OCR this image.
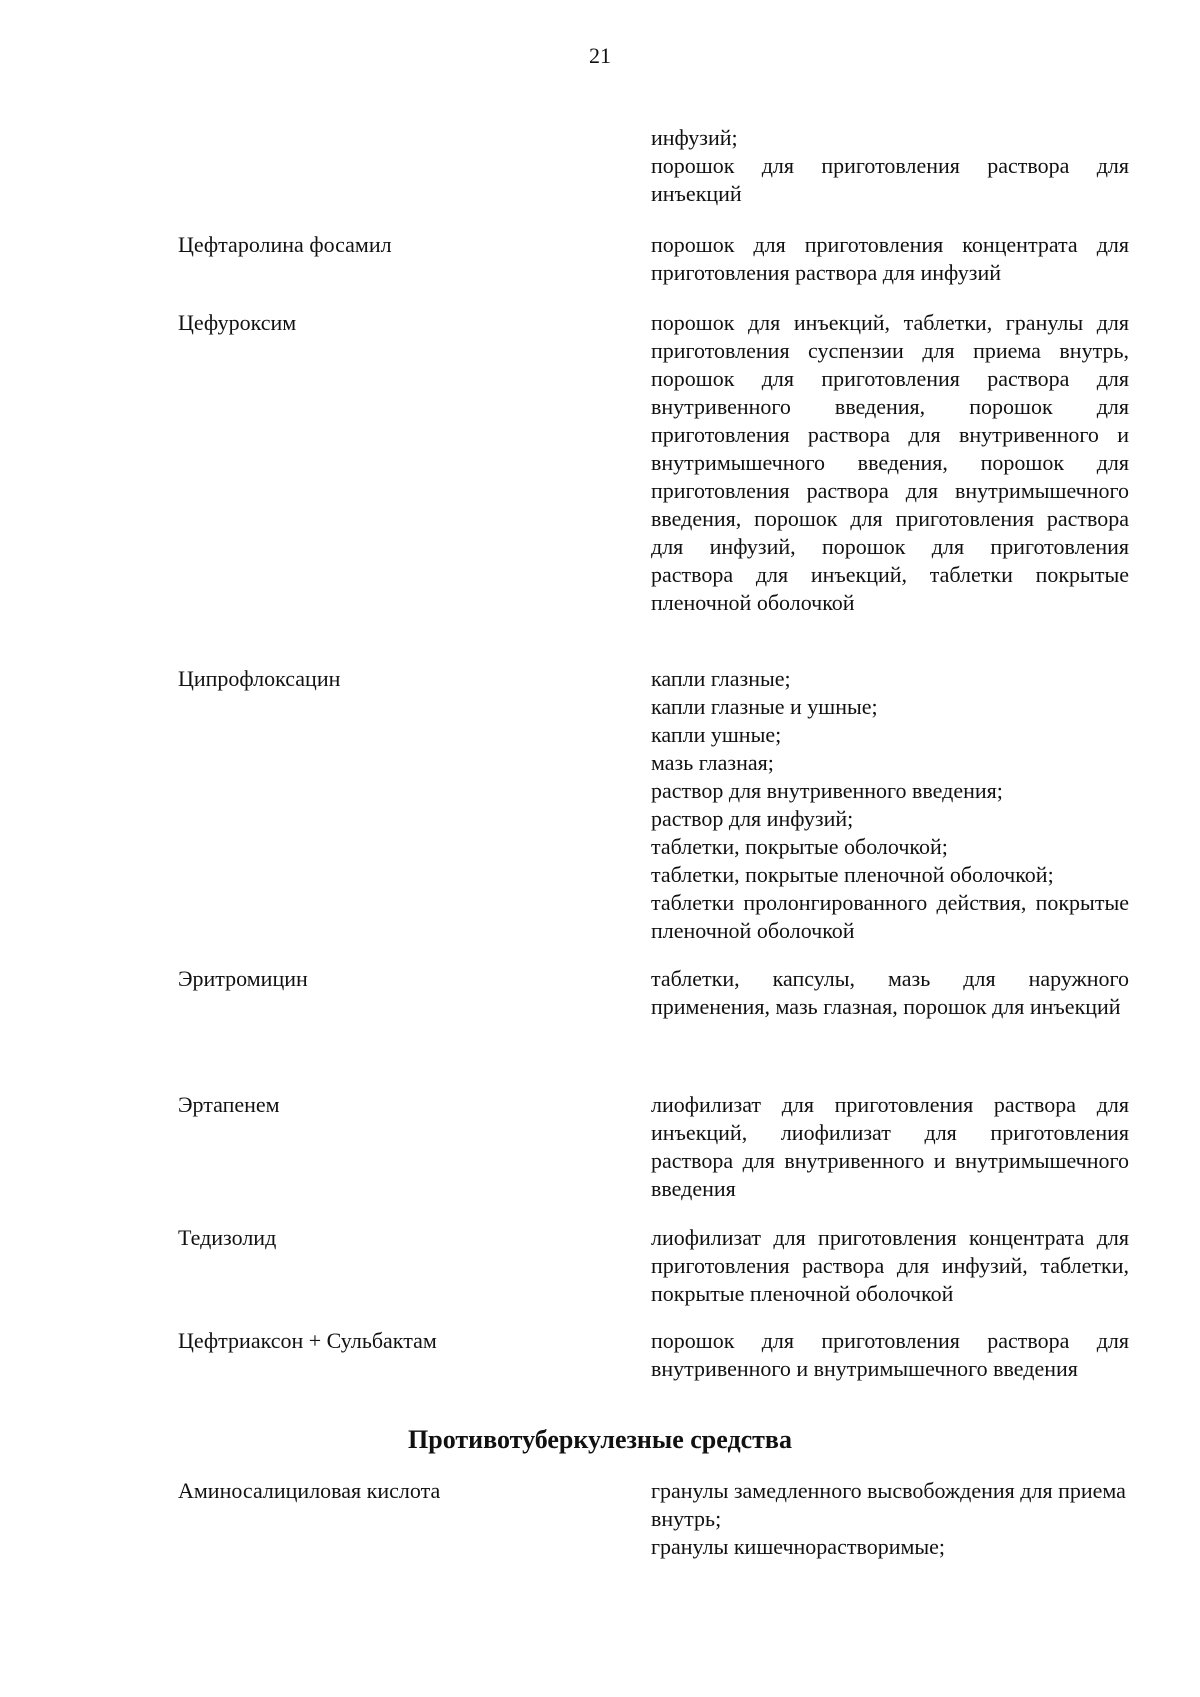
21
инфузий;
порошок для приготовления раствора для инъекций
Цефтаролина фосамил	порошок для приготовления концентрата для приготовления раствора для инфузий
Цефуроксим	порошок для инъекций, таблетки, гранулы для приготовления суспензии для приема внутрь, порошок для приготовления раствора для внутривенного введения, порошок для приготовления раствора для внутривенного и внутримышечного введения, порошок для приготовления раствора для внутримышечного введения, порошок для приготовления раствора для инфузий, порошок для приготовления раствора для инъекций, таблетки покрытые пленочной оболочкой
Ципрофлоксацин	капли глазные;
капли глазные и ушные;
капли ушные;
мазь глазная;
раствор для внутривенного введения;
раствор для инфузий;
таблетки, покрытые оболочкой;
таблетки, покрытые пленочной оболочкой;
таблетки пролонгированного действия, покрытые пленочной оболочкой
Эритромицин	таблетки, капсулы, мазь для наружного применения, мазь глазная, порошок для инъекций
Эртапенем	лиофилизат для приготовления раствора для инъекций, лиофилизат для приготовления раствора для внутривенного и внутримышечного введения
Тедизолид	лиофилизат для приготовления концентрата для приготовления раствора для инфузий, таблетки, покрытые пленочной оболочкой
Цефтриаксон + Сульбактам	порошок для приготовления раствора для внутривенного и внутримышечного введения
Противотуберкулезные средства
Аминосалициловая кислота	гранулы замедленного высвобождения для приема внутрь;
гранулы кишечнорастворимые;
